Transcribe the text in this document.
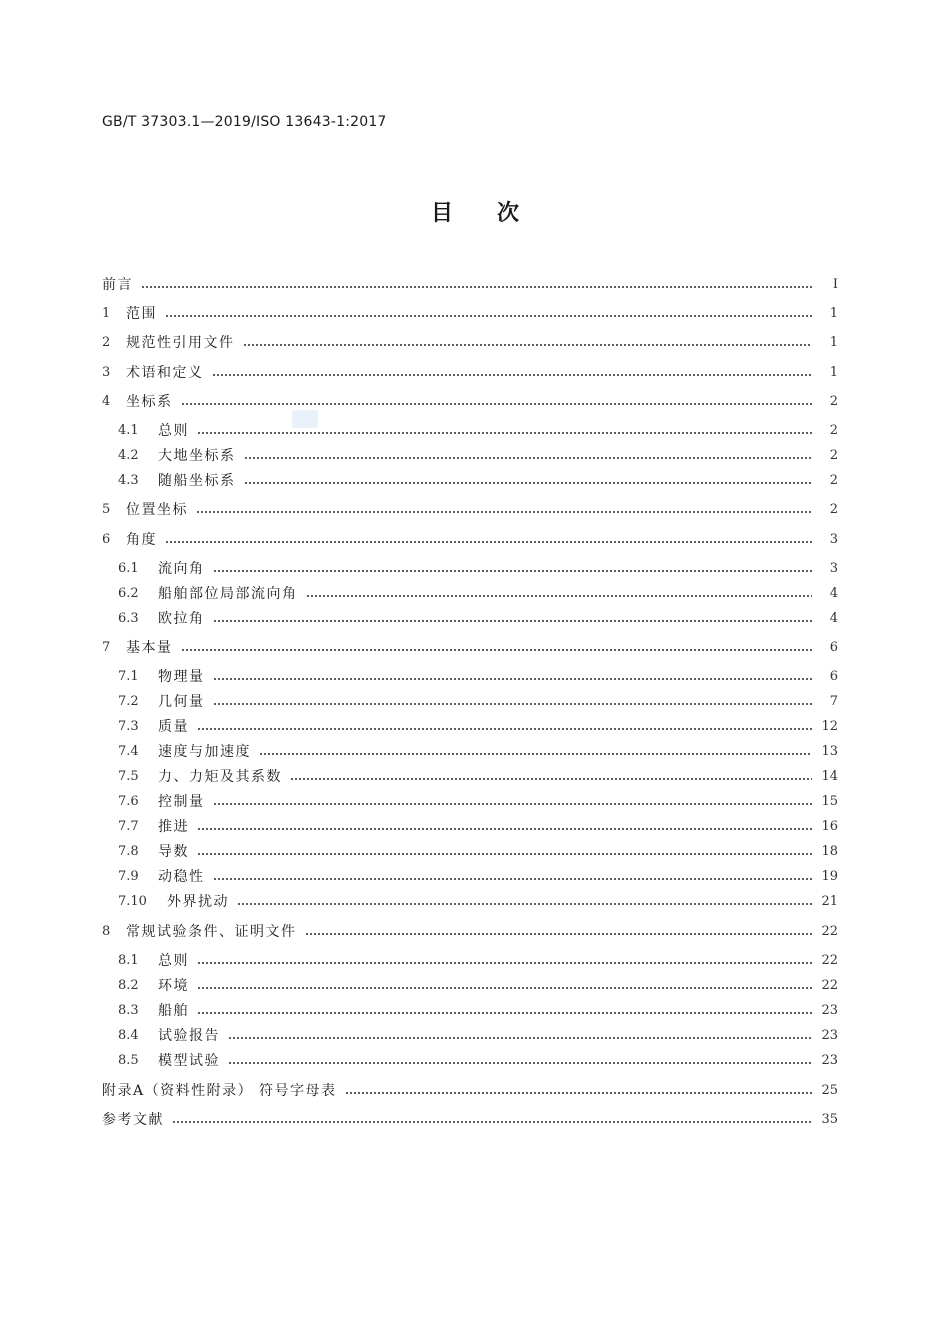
GB/T 37303.1—2019/ISO 13643-1:2017
目次
前言	Ⅰ
1	范围	1
2	规范性引用文件	1
3	术语和定义	1
4	坐标系	2
4.1	总则	2
4.2	大地坐标系	2
4.3	随船坐标系	2
5	位置坐标	2
6	角度	3
6.1	流向角	3
6.2	船舶部位局部流向角	4
6.3	欧拉角	4
7	基本量	6
7.1	物理量	6
7.2	几何量	7
7.3	质量	12
7.4	速度与加速度	13
7.5	力、力矩及其系数	14
7.6	控制量	15
7.7	推进	16
7.8	导数	18
7.9	动稳性	19
7.10	外界扰动	21
8	常规试验条件、证明文件	22
8.1	总则	22
8.2	环境	22
8.3	船舶	23
8.4	试验报告	23
8.5	模型试验	23
附录A（资料性附录） 符号字母表	25
参考文献	35
